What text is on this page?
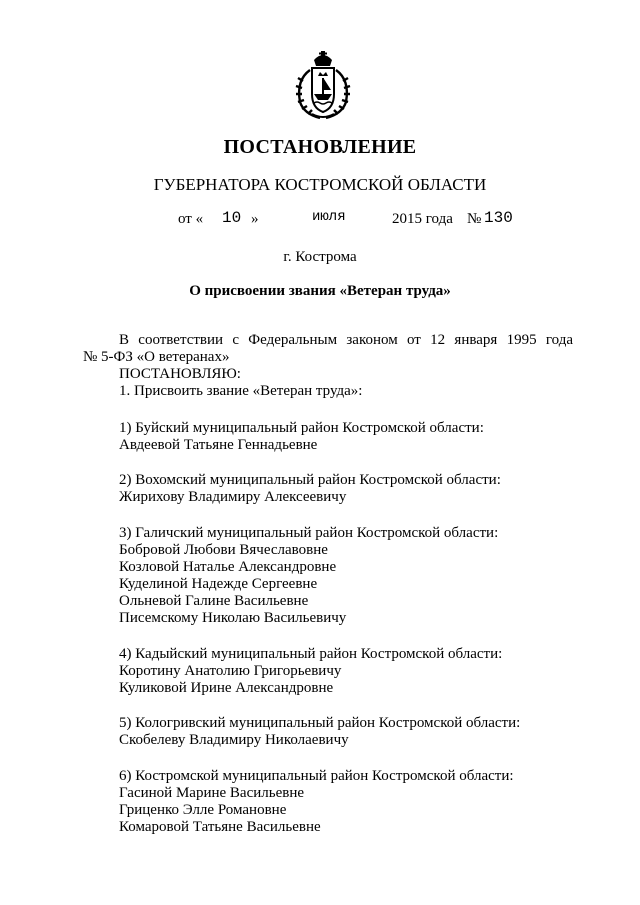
ПОСТАНОВЛЕНИЕ
ГУБЕРНАТОРА КОСТРОМСКОЙ ОБЛАСТИ
от « 10 »	июля	2015 года № 130
г. Кострома
О присвоении звания «Ветеран труда»
В соответствии с Федеральным законом от 12 января 1995 года
№ 5-ФЗ «О ветеранах»
ПОСТАНОВЛЯЮ:
1. Присвоить звание «Ветеран труда»:
1) Буйский муниципальный район Костромской области:
Авдеевой Татьяне Геннадьевне
2) Вохомский муниципальный район Костромской области:
Жирихову Владимиру Алексеевичу
3) Галичский муниципальный район Костромской области:
Бобровой Любови Вячеславовне
Козловой Наталье Александровне
Куделиной Надежде Сергеевне
Ольневой Галине Васильевне
Писемскому Николаю Васильевичу
4) Кадыйский муниципальный район Костромской области:
Коротину Анатолию Григорьевичу
Куликовой Ирине Александровне
5) Кологривский муниципальный район Костромской области:
Скобелеву Владимиру Николаевичу
6) Костромской муниципальный район Костромской области:
Гасиной Марине Васильевне
Гриценко Элле Романовне
Комаровой Татьяне Васильевне
